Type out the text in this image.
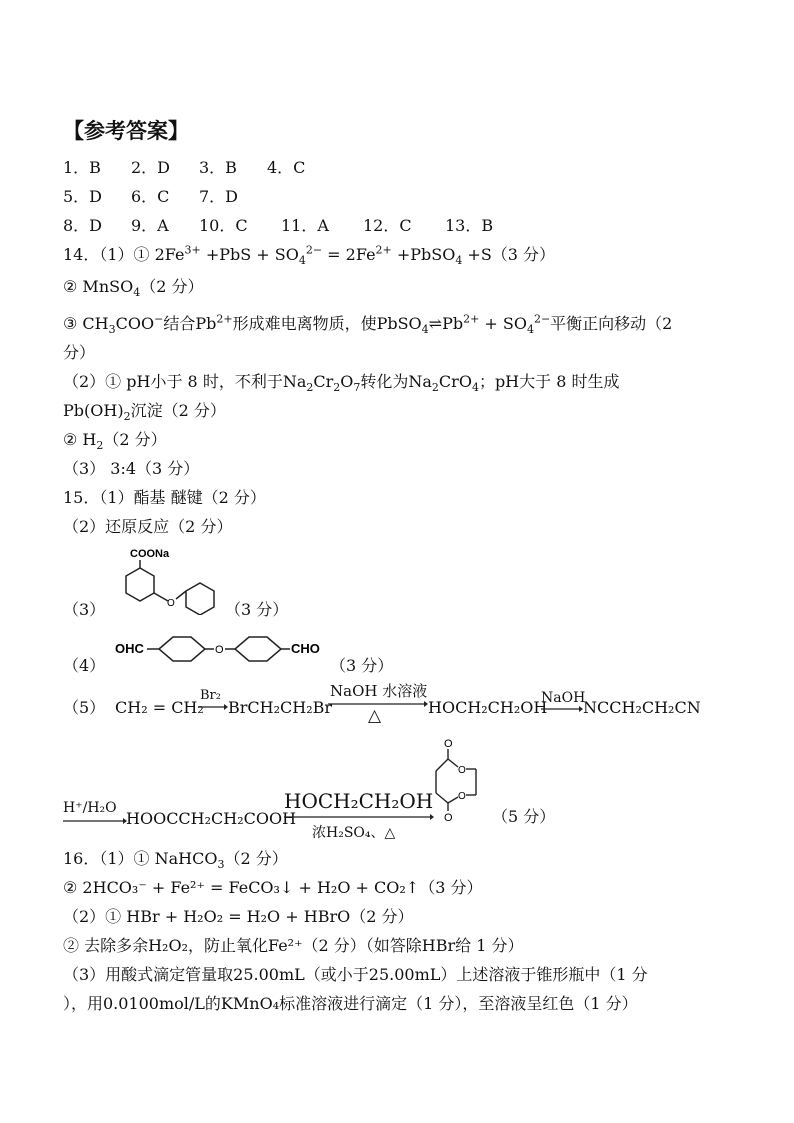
【参考答案】
1．B 2．D 3．B 4．C
5．D 6．C 7．D
8．D 9．A 10．C 11．A 12．C 13．B
14．（1）① $2Fe^{3+} +PbS + SO_4^{2-} = 2Fe^{2+}$ +PbSO$_4$ +S（3 分）
② MnSO$_4$（2 分）
③ $CH_3COO^-$结合$Pb^{2+}$形成难电离物质，使$PbSO_4\rightleftharpoons Pb^{2+} + SO_4^{2-}$平衡正向移动（2
分）
（2）① pH小于 8 时，不利于$Na_2Cr_2O_7$转化为$Na_2CrO_4$；pH大于 8 时生成
$Pb(OH)_2$沉淀（2 分）
② $H_2(2$ 分）
（3） 3:4（3 分）
15．（1）酯基 醚键（2 分）
（2）还原反应（2 分）
（3）
COONa
O	（3 分）
（4）
OHC	O	CHO
（3 分）
（5） CH₂ = CH₂
Br₂
BrCH₂CH₂Br
NaOH 水溶液
△	HOCH₂CH₂OH
NaOH
NCCH₂CH₂CN
H⁺/H₂O
HOOCCH₂CH₂COOH
HOCH₂CH₂OH
浓H₂SO₄、△
O
O
O
O （5 分）
16．（1）① NaHCO$_3$（2 分）
② 2HCO₃⁻ + Fe²⁺ = FeCO₃↓ + H₂O + CO₂↑（3 分）
（2）① HBr + H₂O₂ = H₂O + HBrO（2 分）
② 去除多余H₂O₂，防止氧化Fe²⁺（2 分）（如答除HBr给 1 分）
（3）用酸式滴定管量取25.00mL（或小于25.00mL）上述溶液于锥形瓶中（1 分
），用0.0100mol/L的KMnO₄标准溶液进行滴定（1 分），至溶液呈红色（1 分）
